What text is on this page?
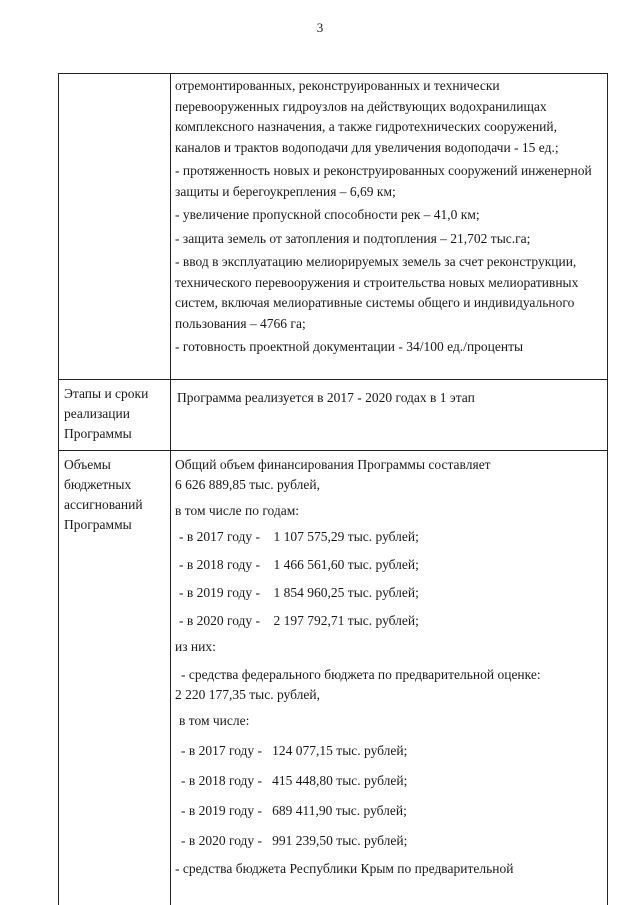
3

отремонтированных, реконструированных и технически перевооруженных гидроузлов на действующих водохранилищах комплексного назначения, а также гидротехнических сооружений, каналов и трактов водоподачи для увеличения водоподачи - 15 ед.;

- протяженность новых и реконструированных сооружений инженерной защиты и берегоукрепления – 6,69 км;

- увеличение пропускной способности рек – 41,0 км;

- защита земель от затопления и подтопления – 21,702 тыс.га;

- ввод в эксплуатацию мелиорируемых земель за счет реконструкции, технического перевооружения и строительства новых мелиоративных систем, включая мелиоративные системы общего и индивидуального пользования – 4766 га;

- готовность проектной документации - 34/100 ед./проценты

Этапы и сроки
реализации
Программы

Программа реализуется в 2017 - 2020 годах в 1 этап

Объемы
бюджетных
ассигнований
Программы

Общий объем финансирования Программы составляет

6 626 889,85 тыс. рублей,

в том числе по годам:

- в 2017 году -    1 107 575,29 тыс. рублей;

- в 2018 году -    1 466 561,60 тыс. рублей;

- в 2019 году -    1 854 960,25 тыс. рублей;

- в 2020 году -    2 197 792,71 тыс. рублей;

из них:

- средства федерального бюджета по предварительной оценке:

2 220 177,35 тыс. рублей,

в том числе:

- в 2017 году -   124 077,15 тыс. рублей;

- в 2018 году -   415 448,80 тыс. рублей;

- в 2019 году -   689 411,90 тыс. рублей;

- в 2020 году -   991 239,50 тыс. рублей;

- средства бюджета Республики Крым по предварительной
